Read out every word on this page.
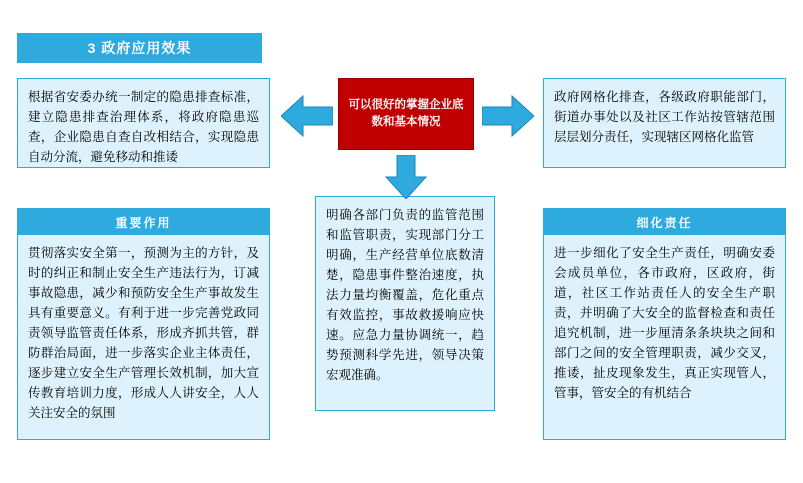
3 政府应用效果
可以很好的掌握企业底数和基本情况
根据省安委办统一制定的隐患排查标准，建立隐患排查治理体系，将政府隐患巡查，企业隐患自查自改相结合，实现隐患自动分流，避免移动和推诿
政府网格化排查，各级政府职能部门，街道办事处以及社区工作站按管辖范围层层划分责任，实现辖区网格化监管
重要作用
贯彻落实安全第一，预测为主的方针，及时的纠正和制止安全生产违法行为，订减事故隐患，减少和预防安全生产事故发生具有重要意义。有利于进一步完善党政同责领导监管责任体系，形成齐抓共管，群防群治局面，进一步落实企业主体责任，逐步建立安全生产管理长效机制，加大宣传教育培训力度，形成人人讲安全，人人关注安全的氛围
明确各部门负责的监管范围和监管职责，实现部门分工明确，生产经营单位底数清楚，隐患事件整治速度，执法力量均衡覆盖，危化重点有效监控，事故救援响应快速。应急力量协调统一，趋势预测科学先进，领导决策宏观准确。
细化责任
进一步细化了安全生产责任，明确安委会成员单位，各市政府，区政府，街道，社区工作站责任人的安全生产职责，并明确了大安全的监督检查和责任追究机制，进一步厘清条条块块之间和部门之间的安全管理职责，减少交叉，推诿，扯皮现象发生，真正实现管人，管事，管安全的有机结合
